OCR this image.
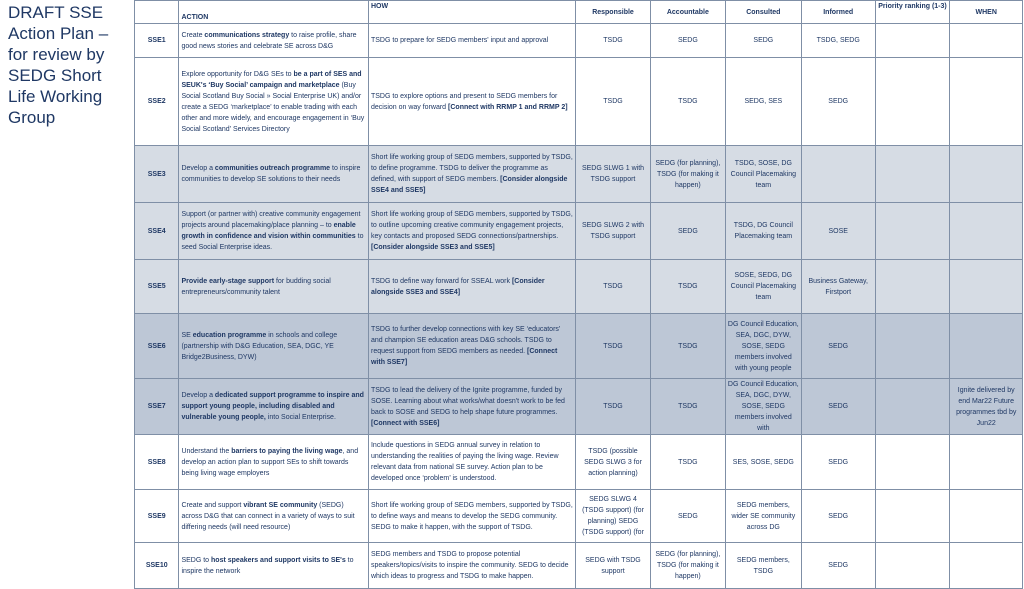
DRAFT SSE Action Plan – for review by SEDG Short Life Working Group
	ACTION	HOW	Responsible	Accountable	Consulted	Informed	Priority ranking (1-3)	WHEN
SSE1	Create communications strategy to raise profile, share good news stories and celebrate SE across D&G	TSDG to prepare for SEDG members' input and approval	TSDG	SEDG	SEDG	TSDG, SEDG		
SSE2	Explore opportunity for D&G SEs to be a part of SES and SEUK's ‘Buy Social’ campaign and marketplace (Buy Social Scotland Buy Social » Social Enterprise UK) and/or create a SEDG ‘marketplace’ to enable trading with each other and more widely, and encourage engagement in ‘Buy Social Scotland’ Services Directory	TSDG to explore options and present to SEDG members for decision on way forward [Connect with RRMP 1 and RRMP 2]	TSDG	TSDG	SEDG, SES	SEDG		
SSE3	Develop a communities outreach programme to inspire communities to develop SE solutions to their needs	Short life working group of SEDG members, supported by TSDG, to define programme. TSDG to deliver the programme as defined, with support of SEDG members. [Consider alongside SSE4 and SSE5]	SEDG SLWG 1 with TSDG support	SEDG (for planning), TSDG (for making it happen)	TSDG, SOSE, DG Council Placemaking team			
SSE4	Support (or partner with) creative community engagement projects around placemaking/place planning – to enable growth in confidence and vision within communities to seed Social Enterprise ideas.	Short life working group of SEDG members, supported by TSDG, to outline upcoming creative community engagement projects, key contacts and proposed SEDG connections/partnerships. [Consider alongside SSE3 and SSE5]	SEDG SLWG 2 with TSDG support	SEDG	TSDG, DG Council Placemaking team	SOSE		
SSE5	Provide early-stage support for budding social entrepreneurs/community talent	TSDG to define way forward for SSEAL work [Consider alongside SSE3 and SSE4]	TSDG	TSDG	SOSE, SEDG, DG Council Placemaking team	Business Gateway, Firstport		
SSE6	SE education programme in schools and college (partnership with D&G Education, SEA, DGC, YE Bridge2Business, DYW)	TSDG to further develop connections with key SE ‘educators’ and champion SE education areas D&G schools. TSDG to request support from SEDG members as needed. [Connect with SSE7]	TSDG	TSDG	DG Council Education, SEA, DGC, DYW, SOSE, SEDG members involved with young people	SEDG		
SSE7	Develop a dedicated support programme to inspire and support young people, including disabled and vulnerable young people, into Social Enterprise.	TSDG to lead the delivery of the Ignite programme, funded by SOSE. Learning about what works/what doesn't work to be fed back to SOSE and SEDG to help shape future programmes. [Connect with SSE6]	TSDG	TSDG	DG Council Education, SEA, DGC, DYW, SOSE, SEDG members involved with	SEDG		Ignite delivered by end Mar22 Future programmes tbd by Jun22
SSE8	Understand the barriers to paying the living wage, and develop an action plan to support SEs to shift towards being living wage employers	Include questions in SEDG annual survey in relation to understanding the realities of paying the living wage. Review relevant data from national SE survey. Action plan to be developed once ‘problem’ is understood.	TSDG (possible SEDG SLWG 3 for action planning)	TSDG	SES, SOSE, SEDG	SEDG		
SSE9	Create and support vibrant SE community (SEDG) across D&G that can connect in a variety of ways to suit differing needs (will need resource)	Short life working group of SEDG members, supported by TSDG, to define ways and means to develop the SEDG community. SEDG to make it happen, with the support of TSDG.	SEDG SLWG 4 (TSDG support) (for planning) SEDG (TSDG support) (for	SEDG	SEDG members, wider SE community across DG	SEDG		
SSE10	SEDG to host speakers and support visits to SE's to inspire the network	SEDG members and TSDG to propose potential speakers/topics/visits to inspire the community. SEDG to decide which ideas to progress and TSDG to make happen.	SEDG with TSDG support	SEDG (for planning), TSDG (for making it happen)	SEDG members, TSDG	SEDG		
